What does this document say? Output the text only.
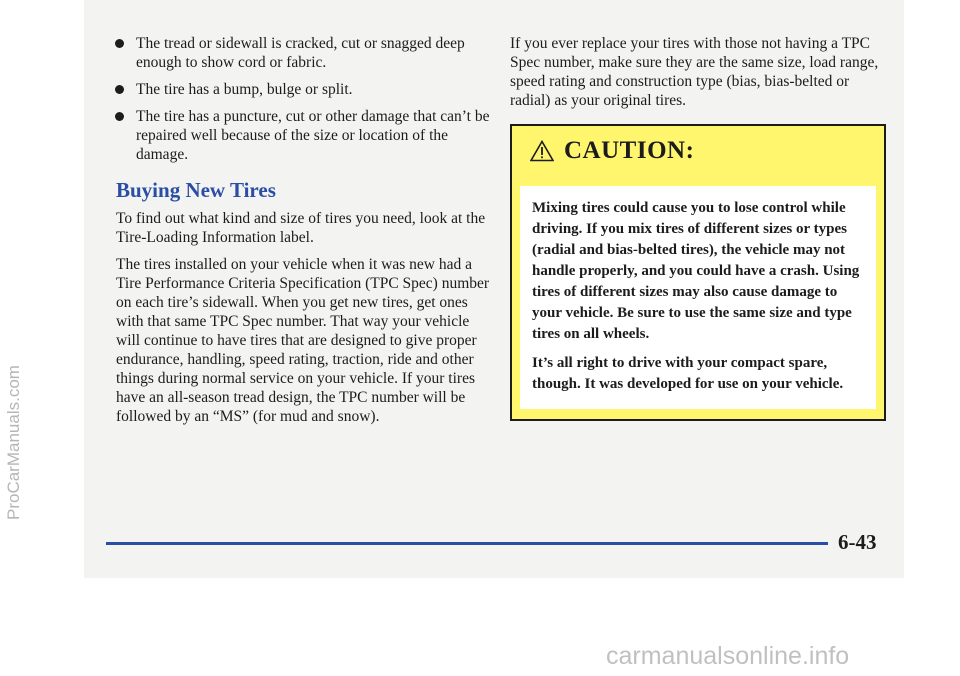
The tread or sidewall is cracked, cut or snagged deep enough to show cord or fabric.
The tire has a bump, bulge or split.
The tire has a puncture, cut or other damage that can’t be repaired well because of the size or location of the damage.
Buying New Tires

To find out what kind and size of tires you need, look at the Tire-Loading Information label.

The tires installed on your vehicle when it was new had a Tire Performance Criteria Specification (TPC Spec) number on each tire’s sidewall. When you get new tires, get ones with that same TPC Spec number. That way your vehicle will continue to have tires that are designed to give proper endurance, handling, speed rating, traction, ride and other things during normal service on your vehicle. If your tires have an all-season tread design, the TPC number will be followed by an “MS” (for mud and snow).

If you ever replace your tires with those not having a TPC Spec number, make sure they are the same size, load range, speed rating and construction type (bias, bias-belted or radial) as your original tires.

CAUTION:

Mixing tires could cause you to lose control while driving. If you mix tires of different sizes or types (radial and bias-belted tires), the vehicle may not handle properly, and you could have a crash. Using tires of different sizes may also cause damage to your vehicle. Be sure to use the same size and type tires on all wheels.

It’s all right to drive with your compact spare, though. It was developed for use on your vehicle.

6-43
ProCarManuals.com
carmanualsonline.info
